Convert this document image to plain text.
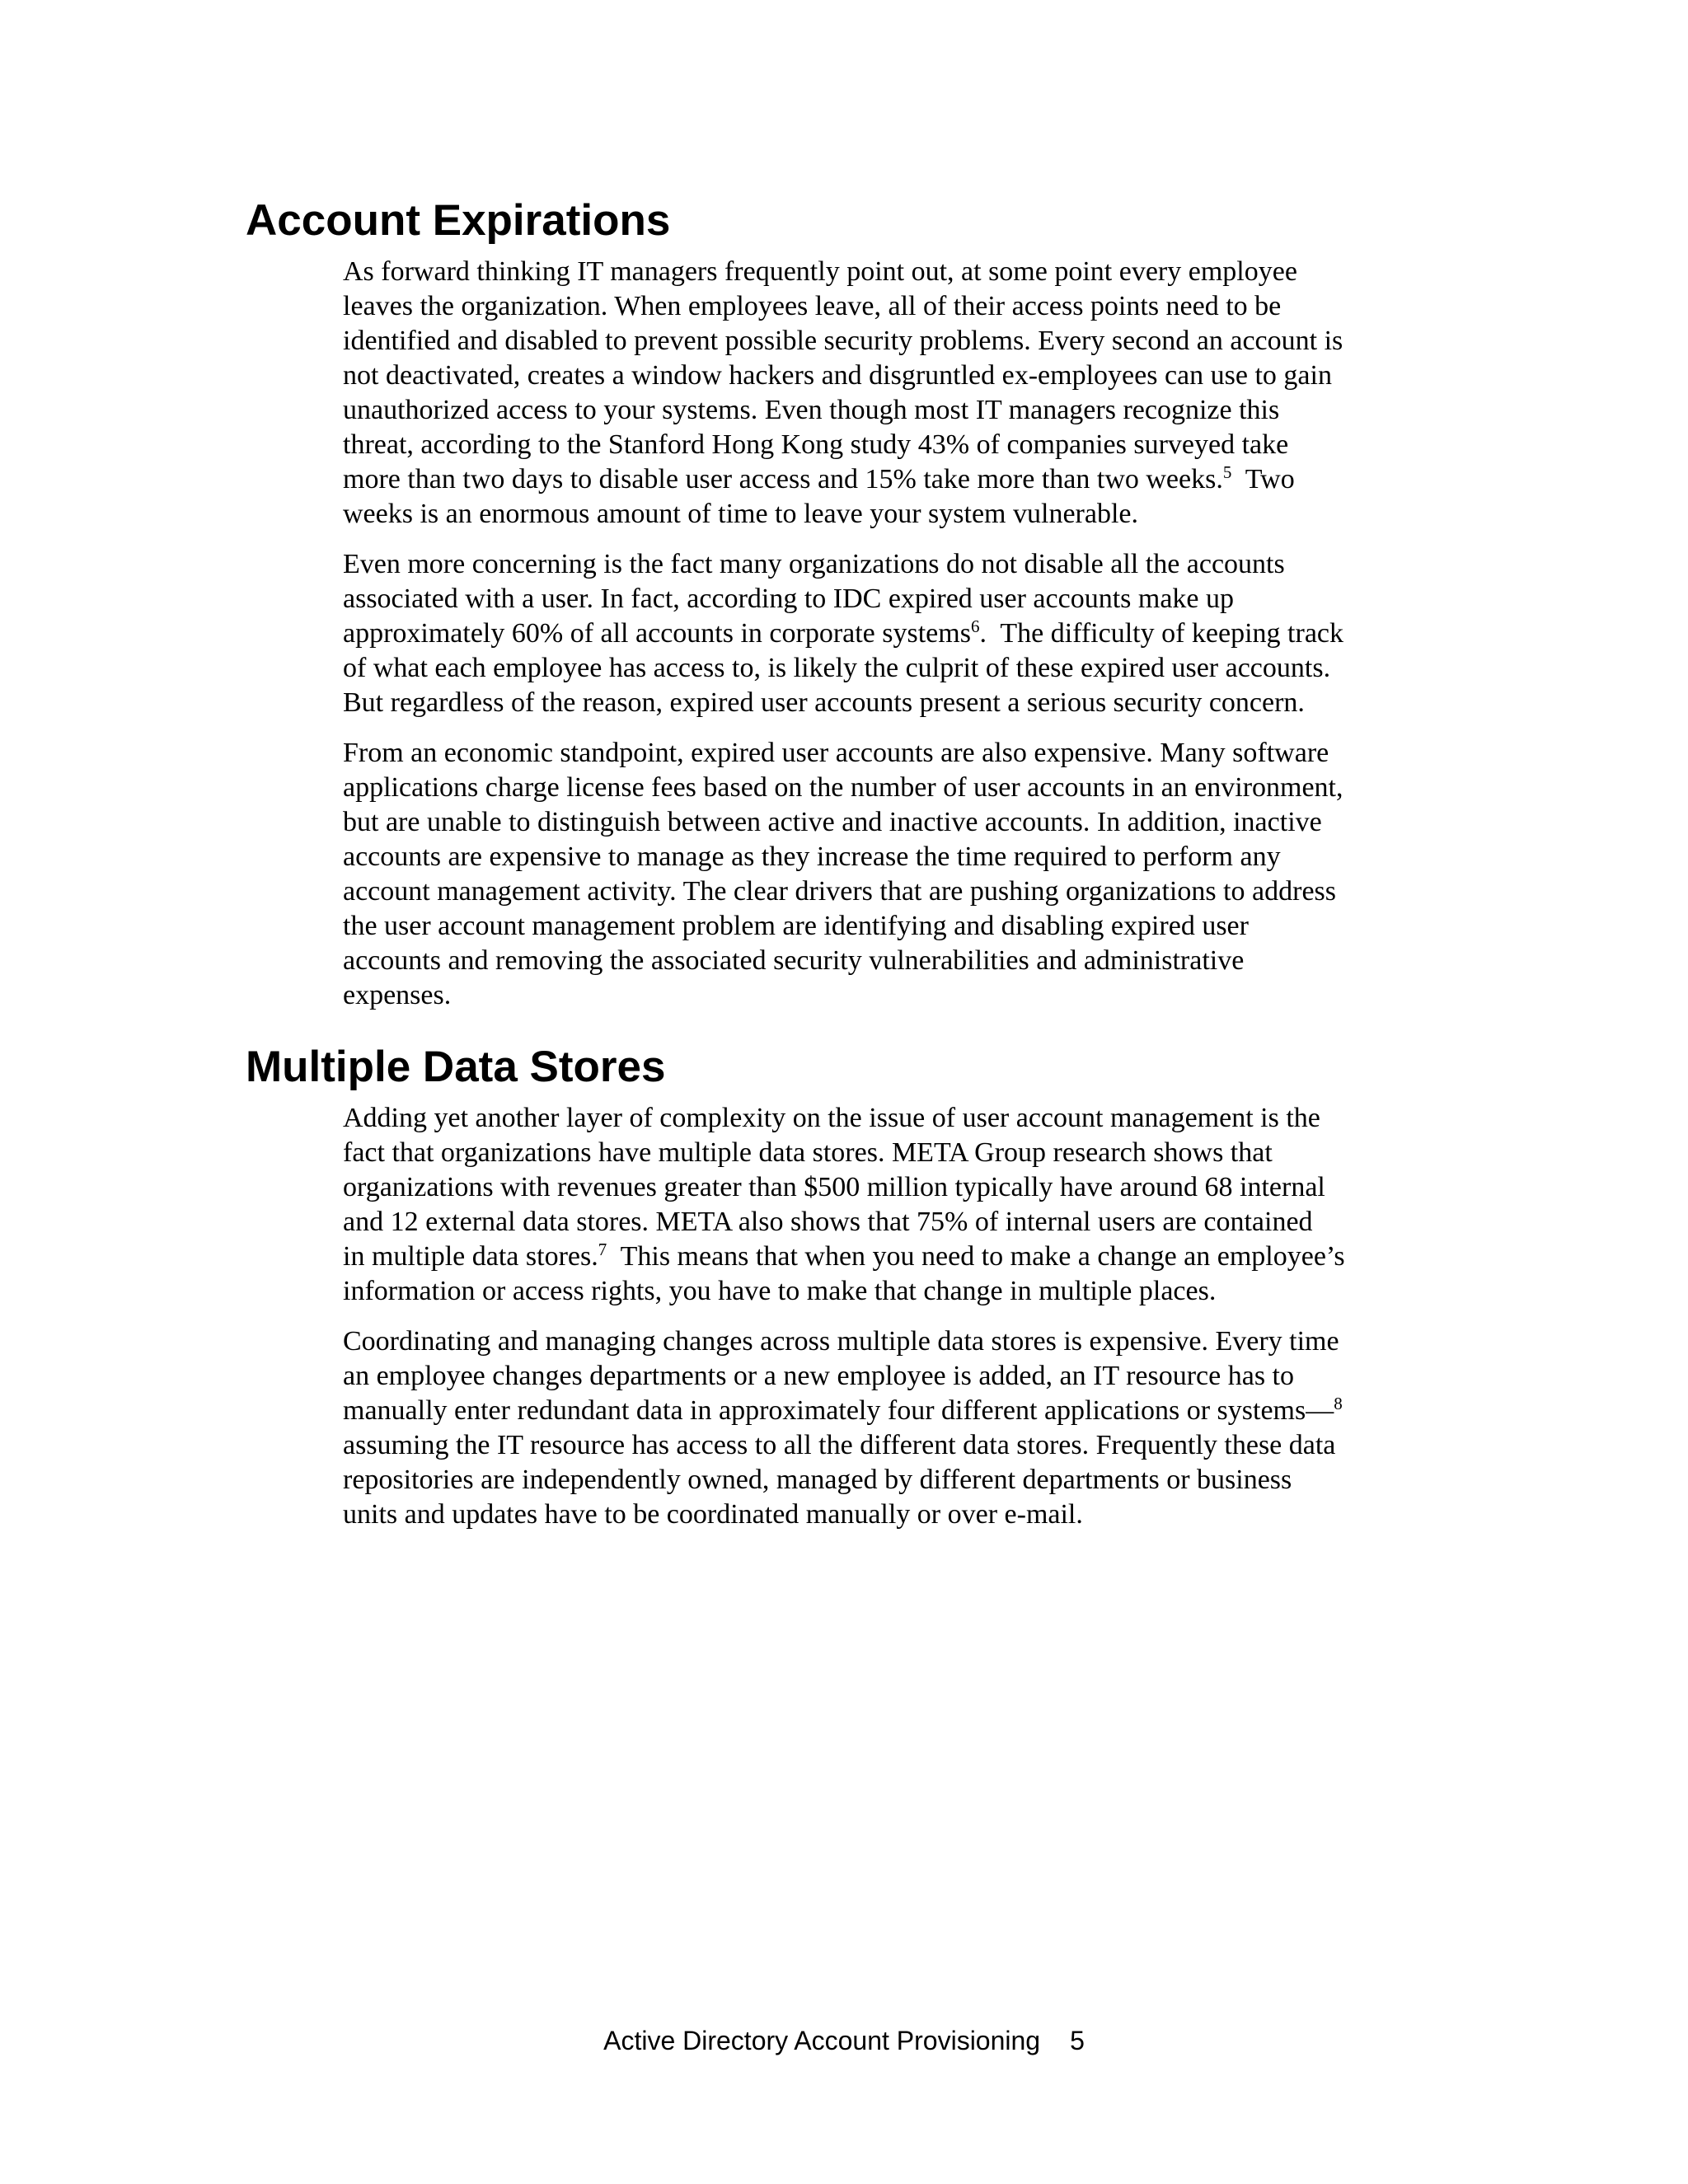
Account Expirations

As forward thinking IT managers frequently point out, at some point every employee
leaves the organization. When employees leave, all of their access points need to be
identified and disabled to prevent possible security problems. Every second an account is
not deactivated, creates a window hackers and disgruntled ex-employees can use to gain
unauthorized access to your systems. Even though most IT managers recognize this
threat, according to the Stanford Hong Kong study 43% of companies surveyed take
more than two days to disable user access and 15% take more than two weeks.$^5$  Two
weeks is an enormous amount of time to leave your system vulnerable.

Even more concerning is the fact many organizations do not disable all the accounts
associated with a user. In fact, according to IDC expired user accounts make up
approximately 60% of all accounts in corporate systems$^6$.  The difficulty of keeping track
of what each employee has access to, is likely the culprit of these expired user accounts.
But regardless of the reason, expired user accounts present a serious security concern.

From an economic standpoint, expired user accounts are also expensive. Many software
applications charge license fees based on the number of user accounts in an environment,
but are unable to distinguish between active and inactive accounts. In addition, inactive
accounts are expensive to manage as they increase the time required to perform any
account management activity. The clear drivers that are pushing organizations to address
the user account management problem are identifying and disabling expired user
accounts and removing the associated security vulnerabilities and administrative
expenses.

Multiple Data Stores

Adding yet another layer of complexity on the issue of user account management is the
fact that organizations have multiple data stores. META Group research shows that
organizations with revenues greater than $500 million typically have around 68 internal
and 12 external data stores. META also shows that 75% of internal users are contained
in multiple data stores.$^7$  This means that when you need to make a change an employee’s
information or access rights, you have to make that change in multiple places.

Coordinating and managing changes across multiple data stores is expensive. Every time
an employee changes departments or a new employee is added, an IT resource has to
manually enter redundant data in approximately four different applications or systems—$^8$
assuming the IT resource has access to all the different data stores. Frequently these data
repositories are independently owned, managed by different departments or business
units and updates have to be coordinated manually or over e-mail.

Active Directory Account Provisioning 5
